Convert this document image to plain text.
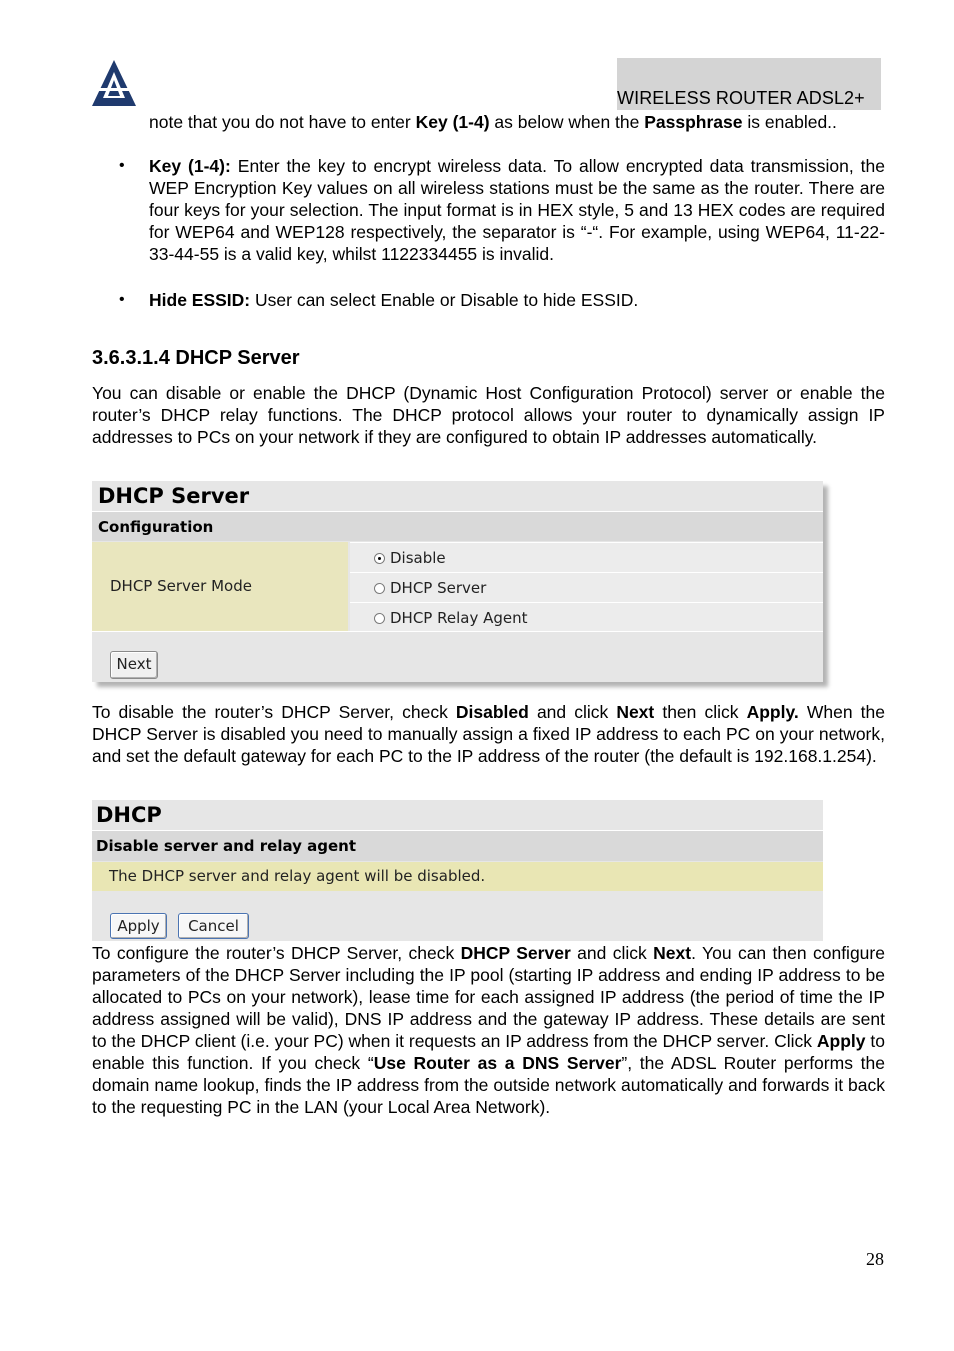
WIRELESS ROUTER ADSL2+
note that you do not have to enter Key (1-4) as below when the Passphrase is enabled..
• Key (1-4): Enter the key to encrypt wireless data. To allow encrypted data transmission, the WEP Encryption Key values on all wireless stations must be the same as the router. There are four keys for your selection. The input format is in HEX style, 5 and 13 HEX codes are required for WEP64 and WEP128 respectively, the separator is “-“. For example, using WEP64, 11-22-33-44-55 is a valid key, whilst 1122334455 is invalid.
• Hide ESSID: User can select Enable or Disable to hide ESSID.
3.6.3.1.4 DHCP Server
You can disable or enable the DHCP (Dynamic Host Configuration Protocol) server or enable the router’s DHCP relay functions. The DHCP protocol allows your router to dynamically assign IP addresses to PCs on your network if they are configured to obtain IP addresses automatically.
DHCP Server
Configuration
DHCP Server Mode
Disable
DHCP Server
DHCP Relay Agent
Next
To disable the router’s DHCP Server, check Disabled and click Next then click Apply. When the DHCP Server is disabled you need to manually assign a fixed IP address to each PC on your network, and set the default gateway for each PC to the IP address of the router (the default is 192.168.1.254).
DHCP
Disable server and relay agent
The DHCP server and relay agent will be disabled.
Apply	Cancel
To configure the router’s DHCP Server, check DHCP Server and click Next. You can then configure parameters of the DHCP Server including the IP pool (starting IP address and ending IP address to be allocated to PCs on your network), lease time for each assigned IP address (the period of time the IP address assigned will be valid), DNS IP address and the gateway IP address. These details are sent to the DHCP client (i.e. your PC) when it requests an IP address from the DHCP server. Click Apply to enable this function. If you check “Use Router as a DNS Server”, the ADSL Router performs the domain name lookup, finds the IP address from the outside network automatically and forwards it back to the requesting PC in the LAN (your Local Area Network).
28
